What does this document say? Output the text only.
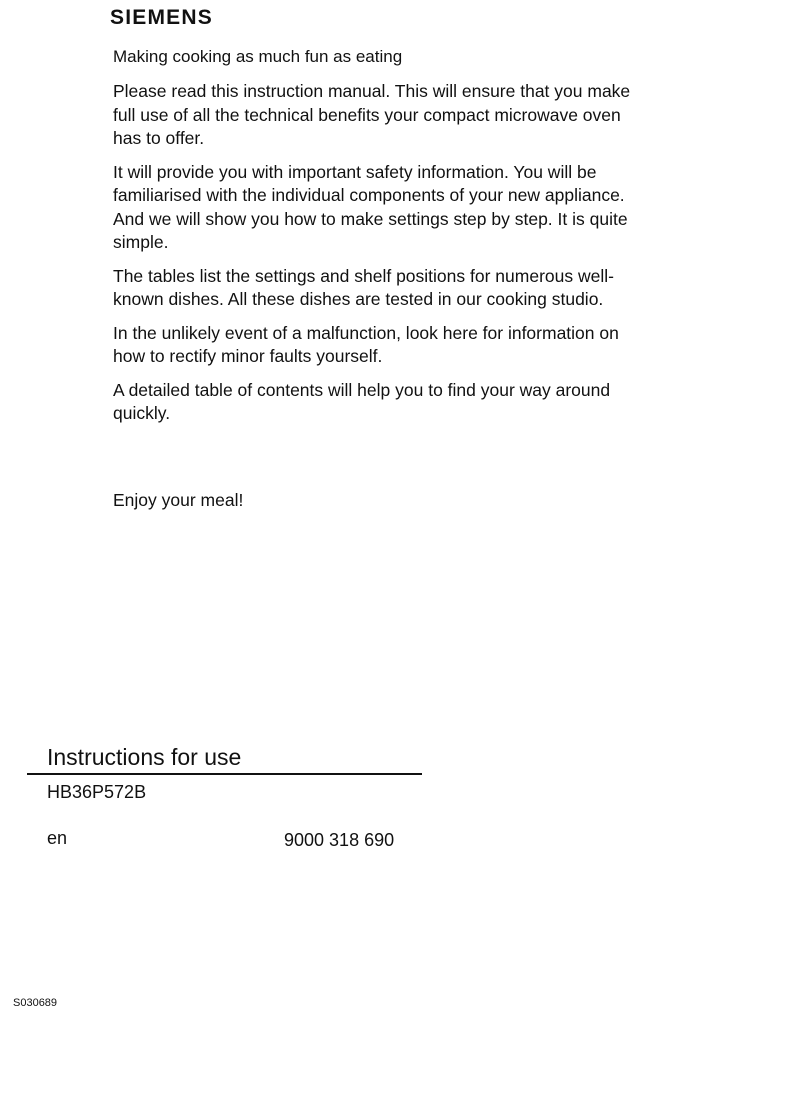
SIEMENS
Making cooking as much fun as eating

Please read this instruction manual. This will ensure that you make full use of all the technical benefits your compact microwave oven has to offer.

It will provide you with important safety information. You will be familiarised with the individual components of your new appliance. And we will show you how to make settings step by step. It is quite simple.

The tables list the settings and shelf positions for numerous well-known dishes. All these dishes are tested in our cooking studio.

In the unlikely event of a malfunction, look here for information on how to rectify minor faults yourself.

A detailed table of contents will help you to find your way around quickly.

Enjoy your meal!

Instructions for use

HB36P572B

en	9000 318 690

S030689
